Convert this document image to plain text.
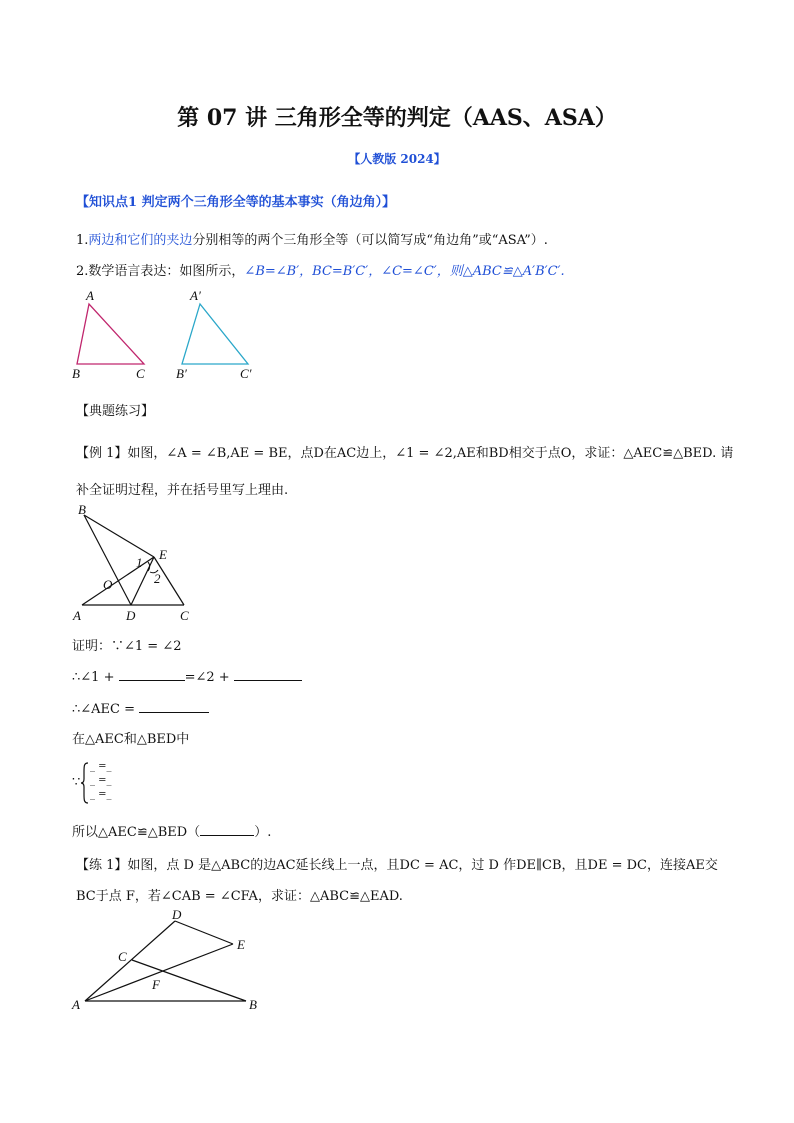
第 07 讲 三角形全等的判定（AAS、ASA）
【人教版 2024】
【知识点1 判定两个三角形全等的基本事实（角边角）】
1.两边和它们的夹边分别相等的两个三角形全等（可以简写成“角边角”或“ASA”）.
2.数学语言表达：如图所示，∠B=∠B′，BC=B′C′，∠C=∠C′，则△ABC≌△A′B′C′.
A
B	C
A′
B′	C′
【典题练习】
【例 1】如图，∠A = ∠B,AE = BE，点D在AC边上，∠1 = ∠2,AE和BD相交于点O，求证：△AEC≌△BED. 请
补全证明过程，并在括号里写上理由.
B
E
1
2
O
A	D	C
证明：∵∠1 = ∠2
∴∠1 +	=∠2 +
∴∠AEC =
在△AEC和△BED中
∵
_ =_
_ =_
_ =_
所以△AEC≌△BED（	）.
【练 1】如图，点 D 是△ABC的边AC延长线上一点，且DC = AC，过 D 作DE∥CB，且DE = DC，连接AE交
BC于点 F，若∠CAB = ∠CFA，求证：△ABC≌△EAD.
D
E
C
F
A	B
